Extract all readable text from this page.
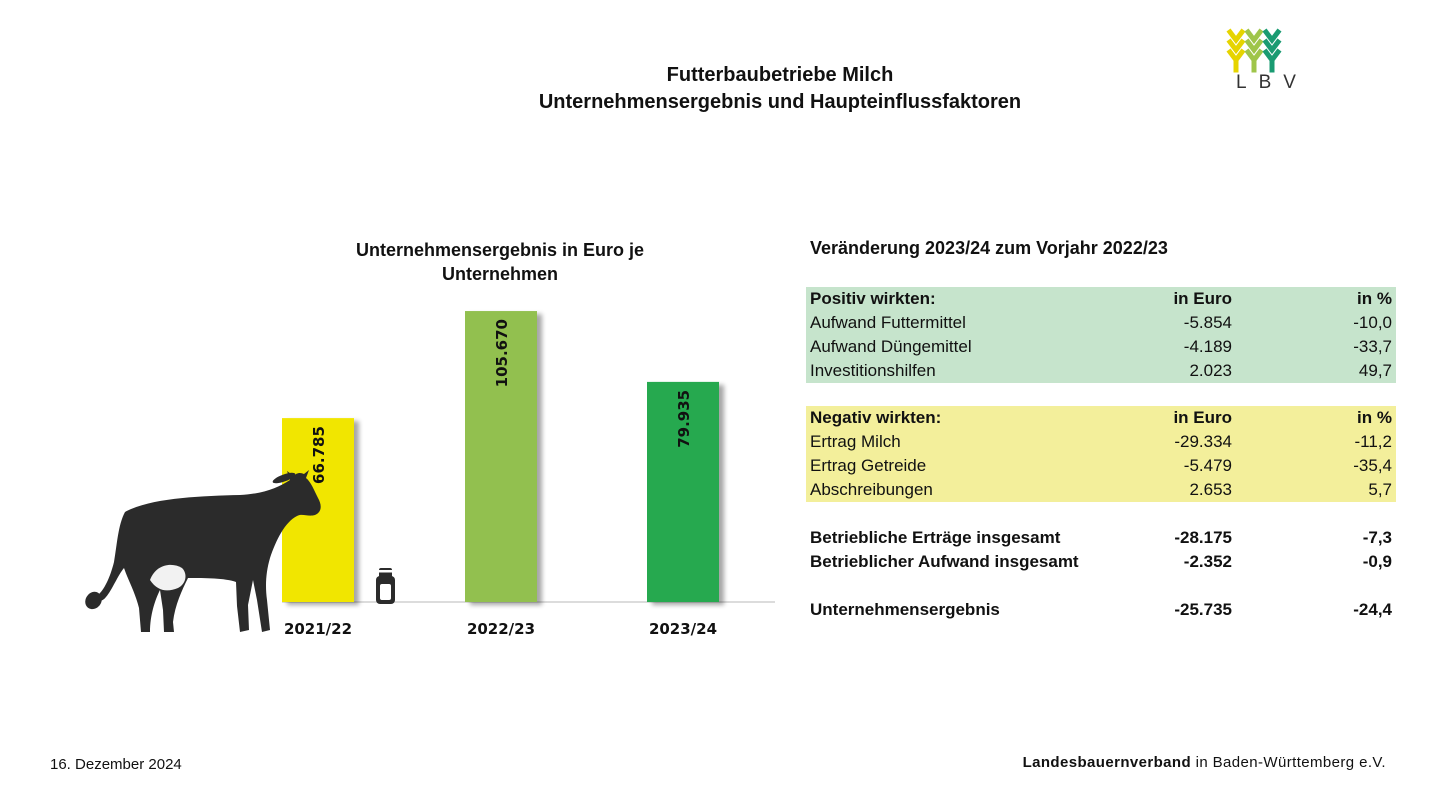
Futterbaubetriebe Milch
Unternehmensergebnis und Haupteinflussfaktoren
LBV
Unternehmensergebnis in Euro je
Unternehmen
66.785
2021/22
105.670
2022/23
79.935
2023/24
Veränderung 2023/24 zum Vorjahr 2022/23
Positiv wirkten:	in Euro	in %
Aufwand Futtermittel	-5.854	-10,0
Aufwand Düngemittel	-4.189	-33,7
Investitionshilfen	2.023	49,7
Negativ wirkten:	in Euro	in %
Ertrag Milch	-29.334	-11,2
Ertrag Getreide	-5.479	-35,4
Abschreibungen	2.653	5,7
Betriebliche Erträge insgesamt	-28.175	-7,3
Betrieblicher Aufwand insgesamt	-2.352	-0,9
Unternehmensergebnis	-25.735	-24,4
16. Dezember 2024	Landesbauernverband in Baden-Württemberg e.V.
